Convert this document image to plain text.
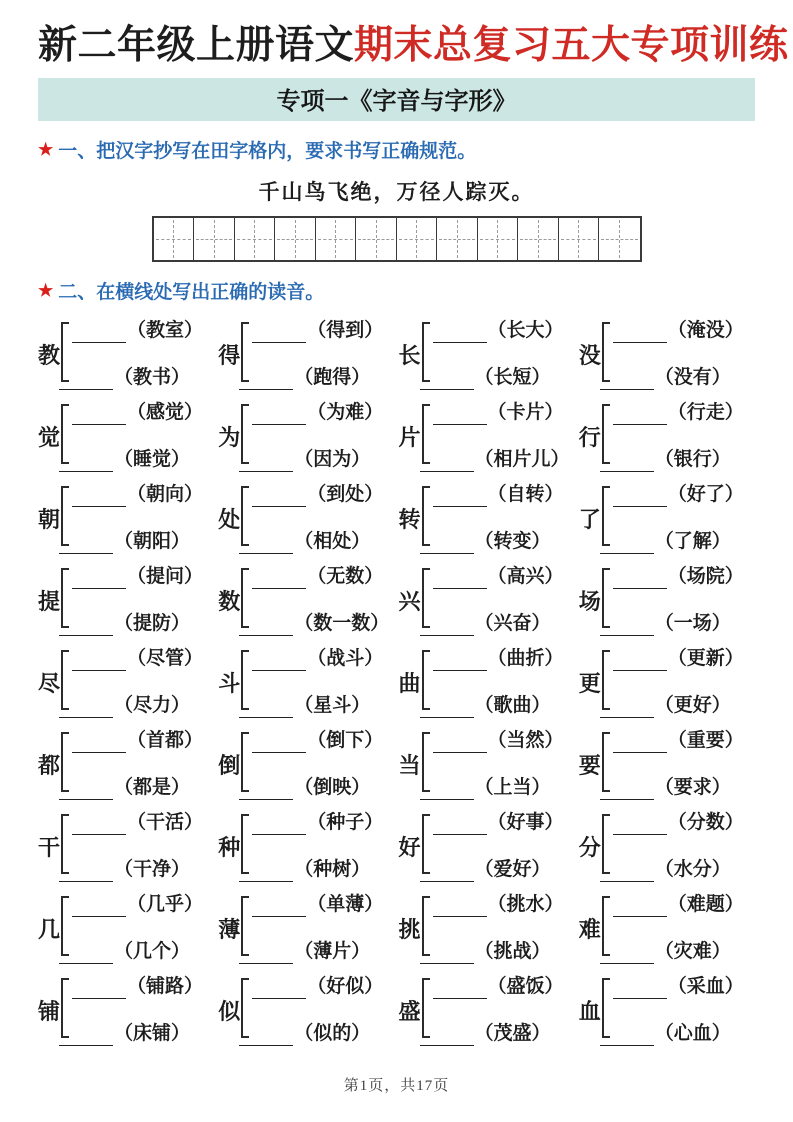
新二年级上册语文期末总复习五大专项训练
专项一《字音与字形》
★ 一、把汉字抄写在田字格内，要求书写正确规范。
千山鸟飞绝，万径人踪灭。
★ 二、在横线处写出正确的读音。
教
（教室）
（教书）
得
（得到）
（跑得）
长
（长大）
（长短）
没
（淹没）
（没有）
觉
（感觉）
（睡觉）
为
（为难）
（因为）
片
（卡片）
（相片儿）
行
（行走）
（银行）
朝
（朝向）
（朝阳）
处
（到处）
（相处）
转
（自转）
（转变）
了
（好了）
（了解）
提
（提问）
（提防）
数
（无数）
（数一数）
兴
（高兴）
（兴奋）
场
（场院）
（一场）
尽
（尽管）
（尽力）
斗
（战斗）
（星斗）
曲
（曲折）
（歌曲）
更
（更新）
（更好）
都
（首都）
（都是）
倒
（倒下）
（倒映）
当
（当然）
（上当）
要
（重要）
（要求）
干
（干活）
（干净）
种
（种子）
（种树）
好
（好事）
（爱好）
分
（分数）
（水分）
几
（几乎）
（几个）
薄
（单薄）
（薄片）
挑
（挑水）
（挑战）
难
（难题）
（灾难）
铺
（铺路）
（床铺）
似
（好似）
（似的）
盛
（盛饭）
（茂盛）
血
（采血）
（心血）
第1页，共17页
